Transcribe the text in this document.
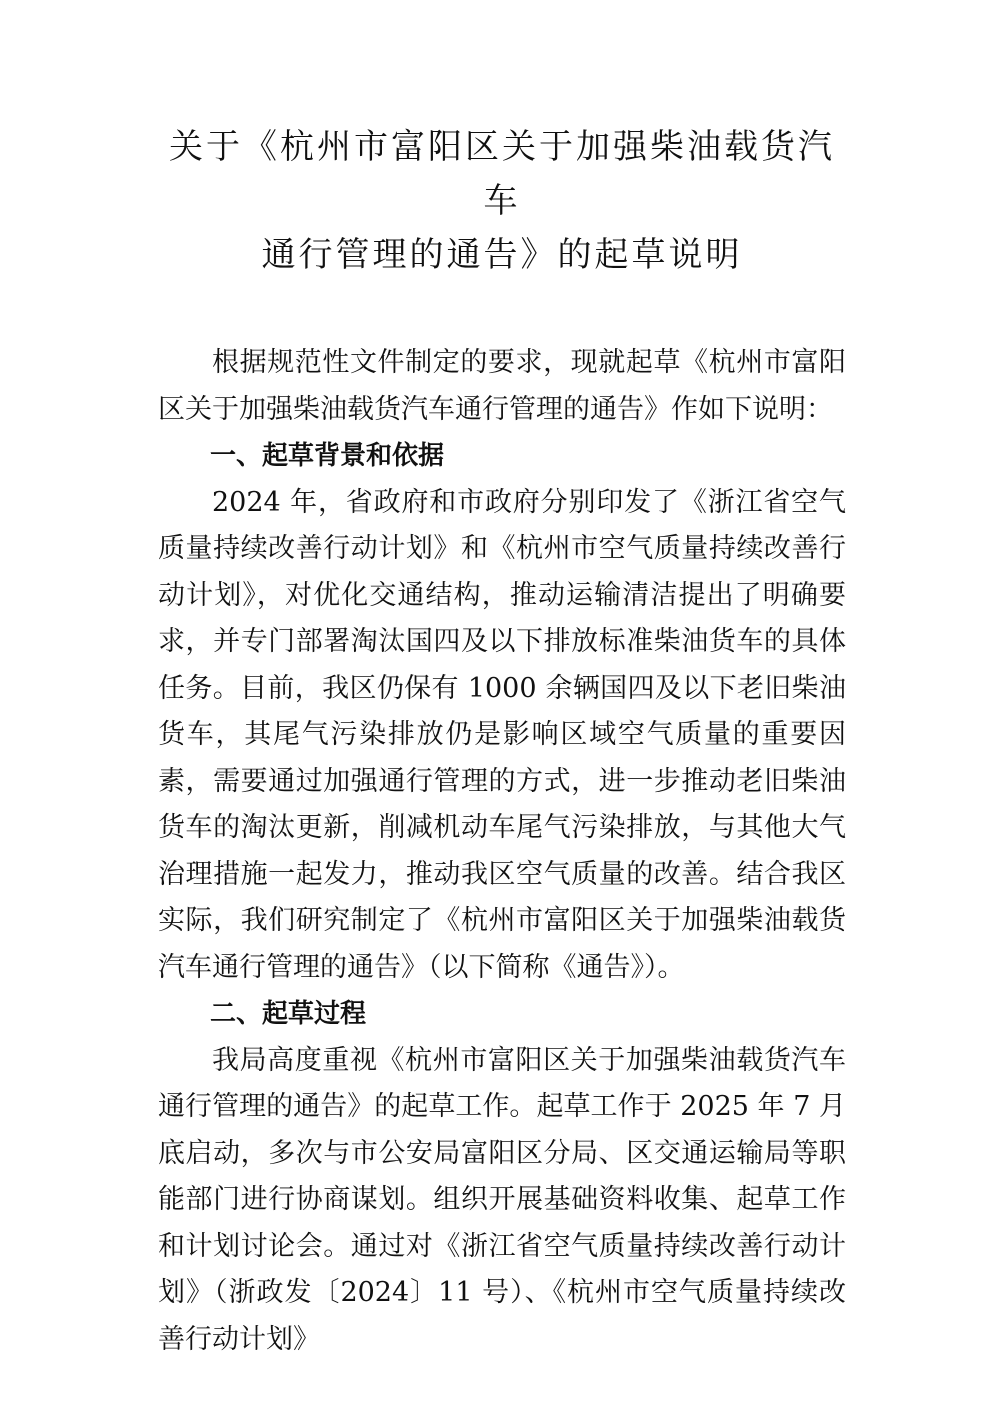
关于《杭州市富阳区关于加强柴油载货汽车
通行管理的通告》的起草说明

根据规范性文件制定的要求，现就起草《杭州市富阳区关于加强柴油载货汽车通行管理的通告》作如下说明：

一、起草背景和依据

2024 年，省政府和市政府分别印发了《浙江省空气质量持续改善行动计划》和《杭州市空气质量持续改善行动计划》，对优化交通结构，推动运输清洁提出了明确要求，并专门部署淘汰国四及以下排放标准柴油货车的具体任务。目前，我区仍保有 1000 余辆国四及以下老旧柴油货车，其尾气污染排放仍是影响区域空气质量的重要因素，需要通过加强通行管理的方式，进一步推动老旧柴油货车的淘汰更新，削减机动车尾气污染排放，与其他大气治理措施一起发力，推动我区空气质量的改善。结合我区实际，我们研究制定了《杭州市富阳区关于加强柴油载货汽车通行管理的通告》（以下简称《通告》）。

二、起草过程

我局高度重视《杭州市富阳区关于加强柴油载货汽车通行管理的通告》的起草工作。起草工作于 2025 年 7 月底启动，多次与市公安局富阳区分局、区交通运输局等职能部门进行协商谋划。组织开展基础资料收集、起草工作和计划讨论会。通过对《浙江省空气质量持续改善行动计划》（浙政发〔2024〕11 号）、《杭州市空气质量持续改善行动计划》
